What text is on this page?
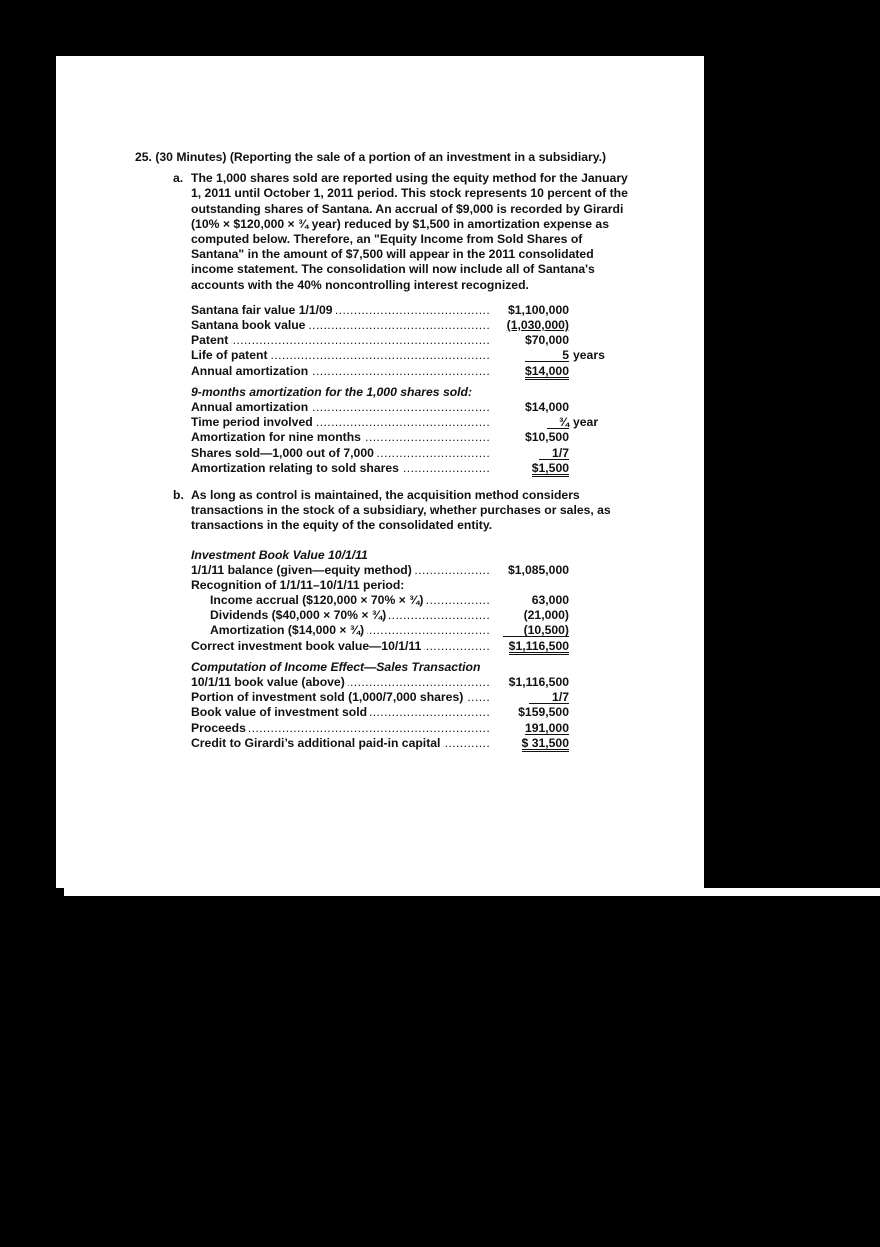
25. (30 Minutes) (Reporting the sale of a portion of an investment in a subsidiary.)
a. The 1,000 shares sold are reported using the equity method for the January 1, 2011 until October 1, 2011 period. This stock represents 10 percent of the outstanding shares of Santana. An accrual of $9,000 is recorded by Girardi (10% × $120,000 × ¾ year) reduced by $1,500 in amortization expense as computed below. Therefore, an "Equity Income from Sold Shares of Santana" in the amount of $7,500 will appear in the 2011 consolidated income statement. The consolidation will now include all of Santana's accounts with the 40% noncontrolling interest recognized.

Santana fair value 1/1/09 .....	$1,100,000
Santana book value .....	(1,030,000)
Patent .....	$70,000
Life of patent .....	5 years
Annual amortization .....	$14,000
9-months amortization for the 1,000 shares sold:
Annual amortization .....	$14,000
Time period involved .....	¾ year
Amortization for nine months .....	$10,500
Shares sold—1,000 out of 7,000 .....	1/7
Amortization relating to sold shares .....	$1,500
b. As long as control is maintained, the acquisition method considers transactions in the stock of a subsidiary, whether purchases or sales, as transactions in the equity of the consolidated entity.

Investment Book Value 10/1/11
1/1/11 balance (given—equity method) .....	$1,085,000
Recognition of 1/1/11–10/1/11 period:
Income accrual ($120,000 × 70% × ¾) .....	63,000
Dividends ($40,000 × 70% × ¾) .....	(21,000)
Amortization ($14,000 × ¾) .....	(10,500)
Correct investment book value—10/1/11 .....	$1,116,500
Computation of Income Effect—Sales Transaction
10/1/11 book value (above) .....	$1,116,500
Portion of investment sold (1,000/7,000 shares) .....	1/7
Book value of investment sold .....	$159,500
Proceeds .....	191,000
Credit to Girardi’s additional paid-in capital .....	$ 31,500
